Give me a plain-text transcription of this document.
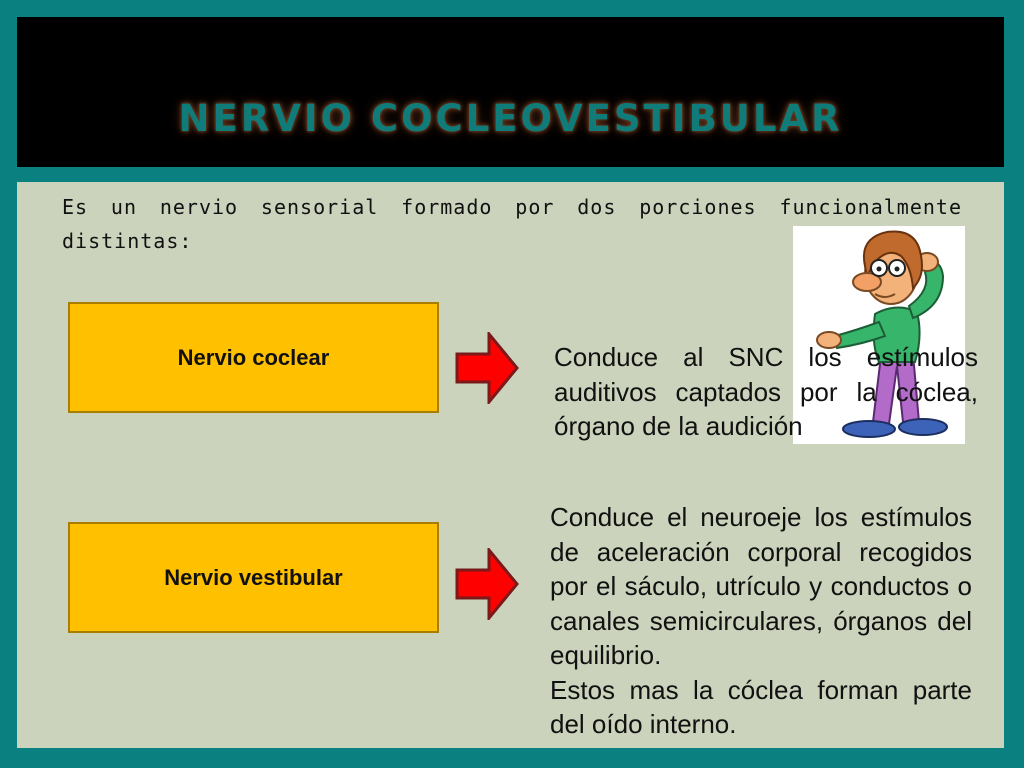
NERVIO COCLEOVESTIBULAR
Es un nervio sensorial formado por dos porciones funcionalmente distintas:
Nervio coclear	Conduce al SNC los estímulos auditivos captados por la cóclea, órgano de la audición
Nervio vestibular
Conduce el neuroeje los estímulos de aceleración corporal recogidos por el sáculo, utrículo y conductos o canales semicirculares, órganos del equilibrio.
Estos mas la cóclea forman parte del oído interno.
